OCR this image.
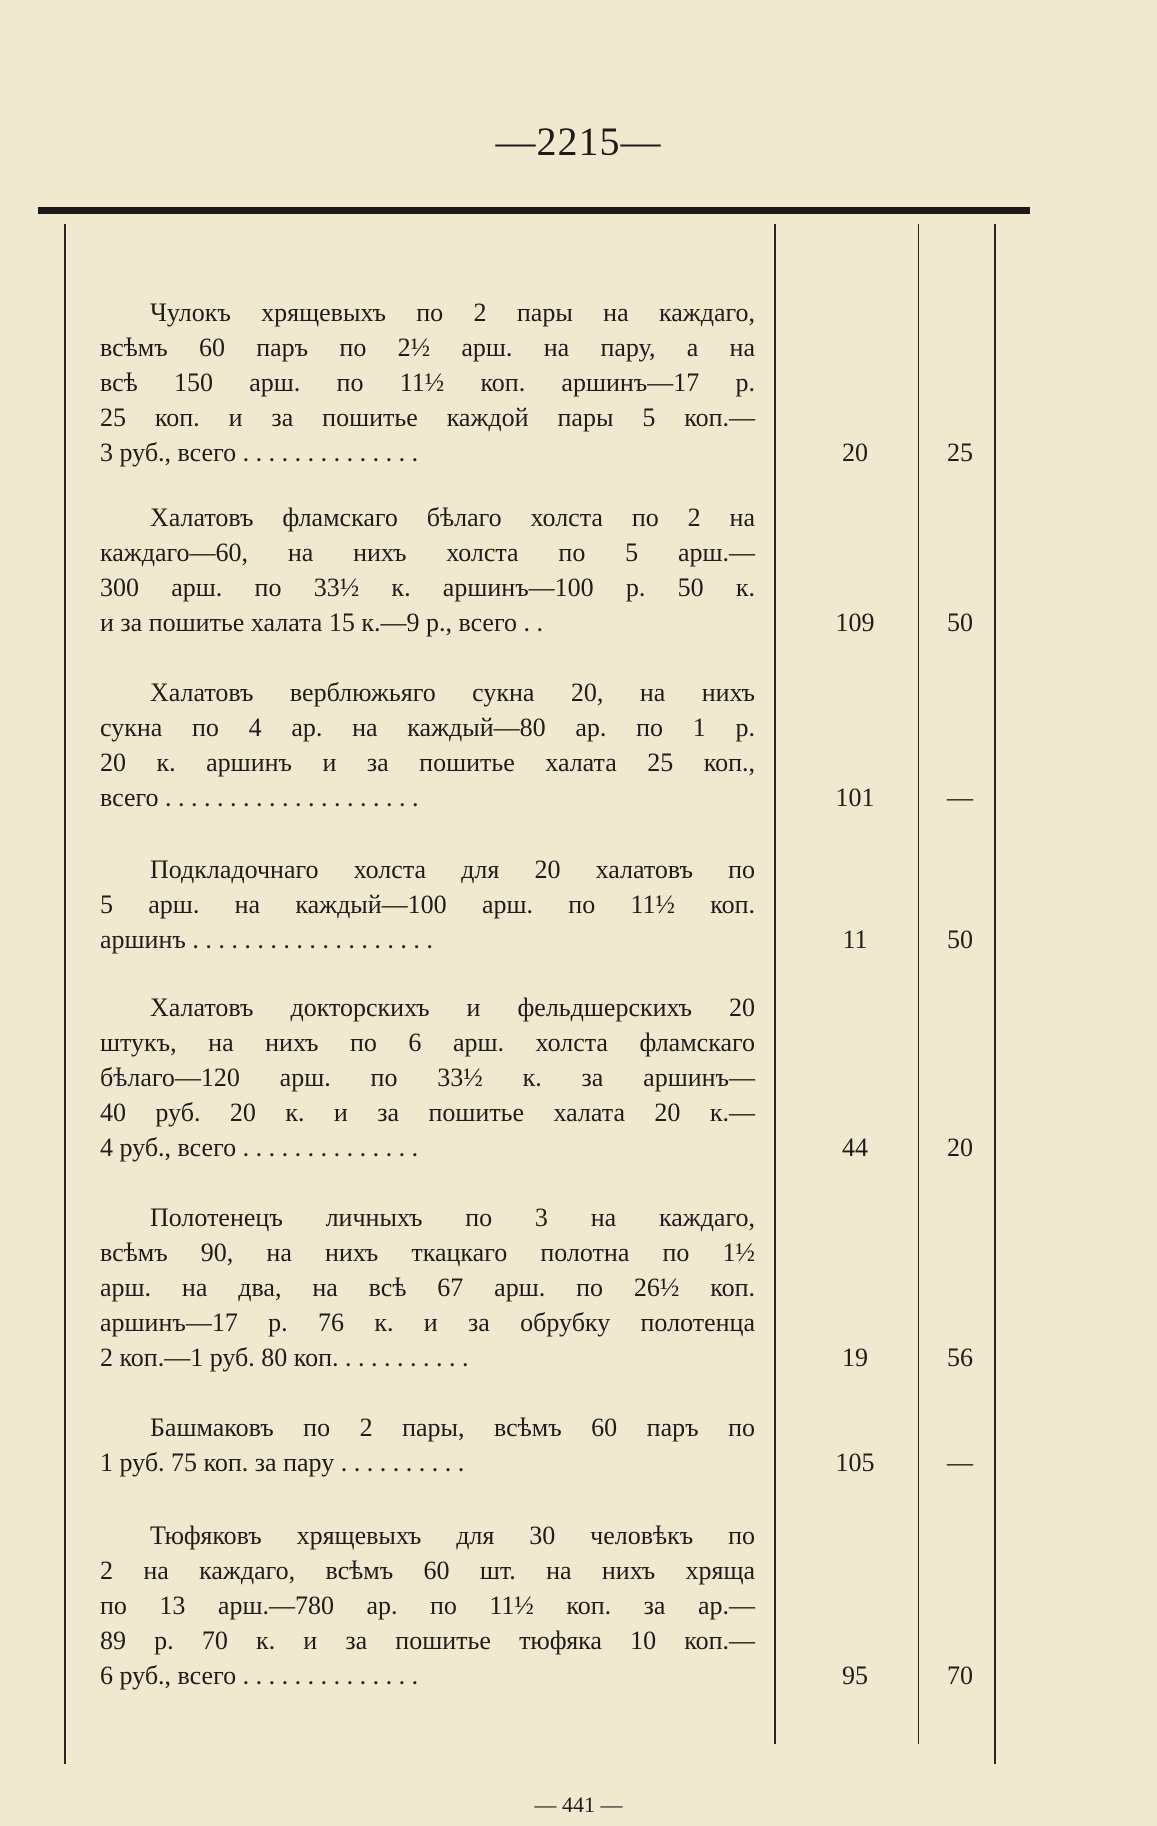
—2215—
Чулокъ хрящевыхъ по 2 пары на каждаго,
всѣмъ 60 паръ по 2½ арш. на пару, а на
всѣ 150 арш. по 11½ коп. аршинъ—17 р.
25 коп. и за пошитье каждой пары 5 коп.—
3 руб., всего . . . . . . . . . . . . . .	20	25
Халатовъ фламскаго бѣлаго холста по 2 на
каждаго—60, на нихъ холста по 5 арш.—
300 арш. по 33½ к. аршинъ—100 р. 50 к.
и за пошитье халата 15 к.—9 р., всего . .	109	50
Халатовъ верблюжьяго сукна 20, на нихъ
сукна по 4 ар. на каждый—80 ар. по 1 р.
20 к. аршинъ и за пошитье халата 25 коп.,
всего . . . . . . . . . . . . . . . . . . . .	101	—
Подкладочнаго холста для 20 халатовъ по
5 арш. на каждый—100 арш. по 11½ коп.
аршинъ . . . . . . . . . . . . . . . . . . .	11	50
Халатовъ докторскихъ и фельдшерскихъ 20
штукъ, на нихъ по 6 арш. холста фламскаго
бѣлаго—120 арш. по 33½ к. за аршинъ—
40 руб. 20 к. и за пошитье халата 20 к.—
4 руб., всего . . . . . . . . . . . . . .	44	20
Полотенецъ личныхъ по 3 на каждаго,
всѣмъ 90, на нихъ ткацкаго полотна по 1½
арш. на два, на всѣ 67 арш. по 26½ коп.
аршинъ—17 р. 76 к. и за обрубку полотенца
2 коп.—1 руб. 80 коп. . . . . . . . . . .	19	56
Башмаковъ по 2 пары, всѣмъ 60 паръ по
1 руб. 75 коп. за пару . . . . . . . . . .	105	—
Тюфяковъ хрящевыхъ для 30 человѣкъ по
2 на каждаго, всѣмъ 60 шт. на нихъ хряща
по 13 арш.—780 ар. по 11½ коп. за ар.—
89 р. 70 к. и за пошитье тюфяка 10 коп.—
6 руб., всего . . . . . . . . . . . . . .	95	70
— 441 —
